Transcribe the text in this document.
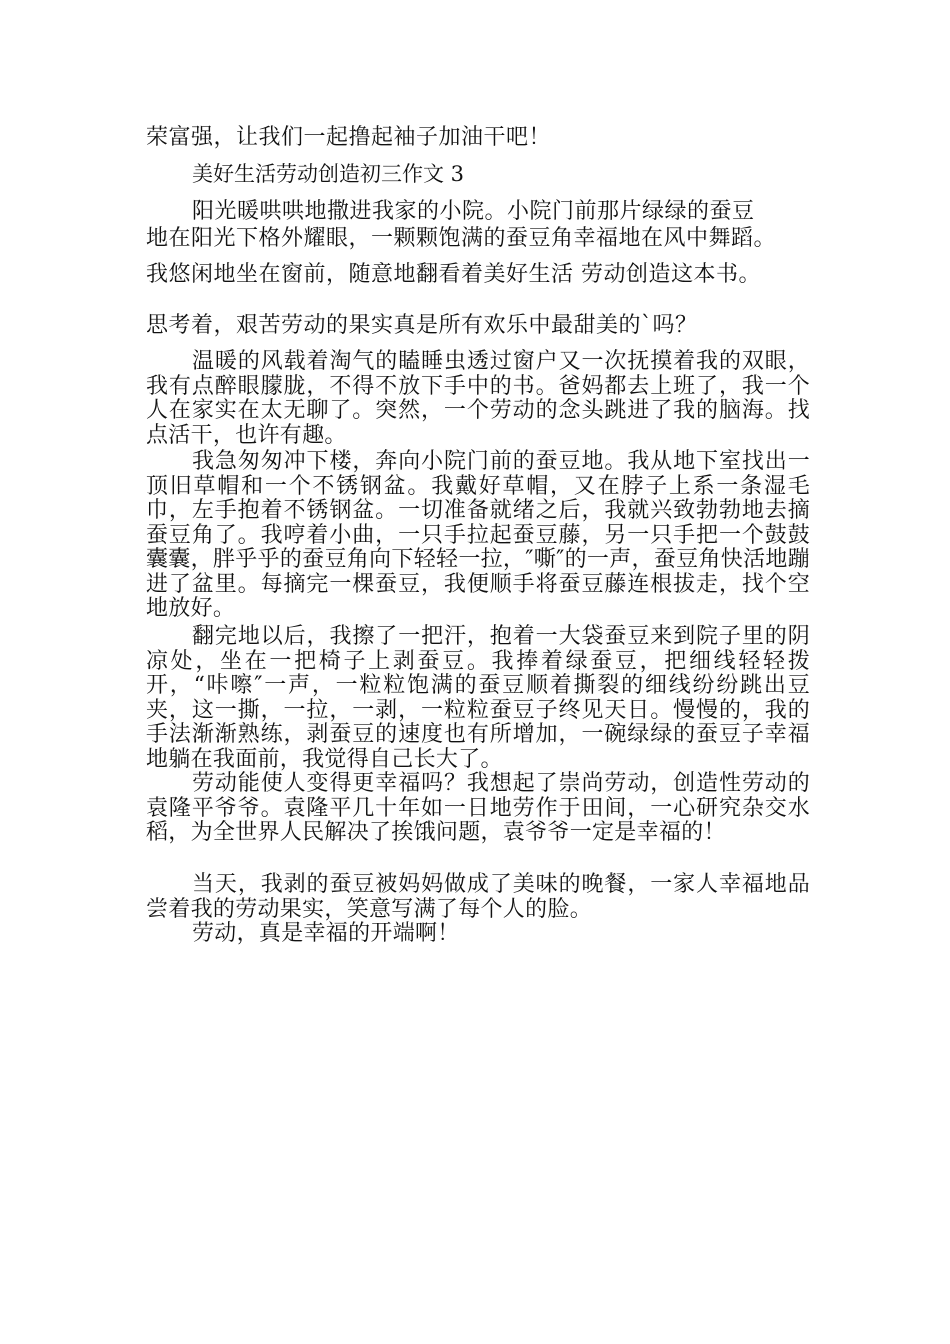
荣富强，让我们一起撸起袖子加油干吧！
美好生活劳动创造初三作文 3
阳光暖哄哄地撒进我家的小院。小院门前那片绿绿的蚕豆
地在阳光下格外耀眼，一颗颗饱满的蚕豆角幸福地在风中舞蹈。
我悠闲地坐在窗前，随意地翻看着美好生活 劳动创造这本书。
思考着，艰苦劳动的果实真是所有欢乐中最甜美的`吗？
温暖的风载着淘气的瞌睡虫透过窗户又一次抚摸着我的双眼，我有点醉眼朦胧，不得不放下手中的书。爸妈都去上班了，我一个人在家实在太无聊了。突然，一个劳动的念头跳进了我的脑海。找点活干，也许有趣。
我急匆匆冲下楼，奔向小院门前的蚕豆地。我从地下室找出一顶旧草帽和一个不锈钢盆。我戴好草帽，又在脖子上系一条湿毛巾，左手抱着不锈钢盆。一切准备就绪之后，我就兴致勃勃地去摘蚕豆角了。我哼着小曲，一只手拉起蚕豆藤，另一只手把一个鼓鼓囊囊，胖乎乎的蚕豆角向下轻轻一拉，″嘶″的一声，蚕豆角快活地蹦进了盆里。每摘完一棵蚕豆，我便顺手将蚕豆藤连根拔走，找个空地放好。
翻完地以后，我擦了一把汗，抱着一大袋蚕豆来到院子里的阴凉处，坐在一把椅子上剥蚕豆。我捧着绿蚕豆，把细线轻轻拨开，“咔嚓″一声，一粒粒饱满的蚕豆顺着撕裂的细线纷纷跳出豆夹，这一撕，一拉，一剥，一粒粒蚕豆子终见天日。慢慢的，我的手法渐渐熟练，剥蚕豆的速度也有所增加，一碗绿绿的蚕豆子幸福地躺在我面前，我觉得自己长大了。
劳动能使人变得更幸福吗？我想起了崇尚劳动，创造性劳动的袁隆平爷爷。袁隆平几十年如一日地劳作于田间，一心研究杂交水稻，为全世界人民解决了挨饿问题，袁爷爷一定是幸福的！
当天，我剥的蚕豆被妈妈做成了美味的晚餐，一家人幸福地品尝着我的劳动果实，笑意写满了每个人的脸。
劳动，真是幸福的开端啊！
